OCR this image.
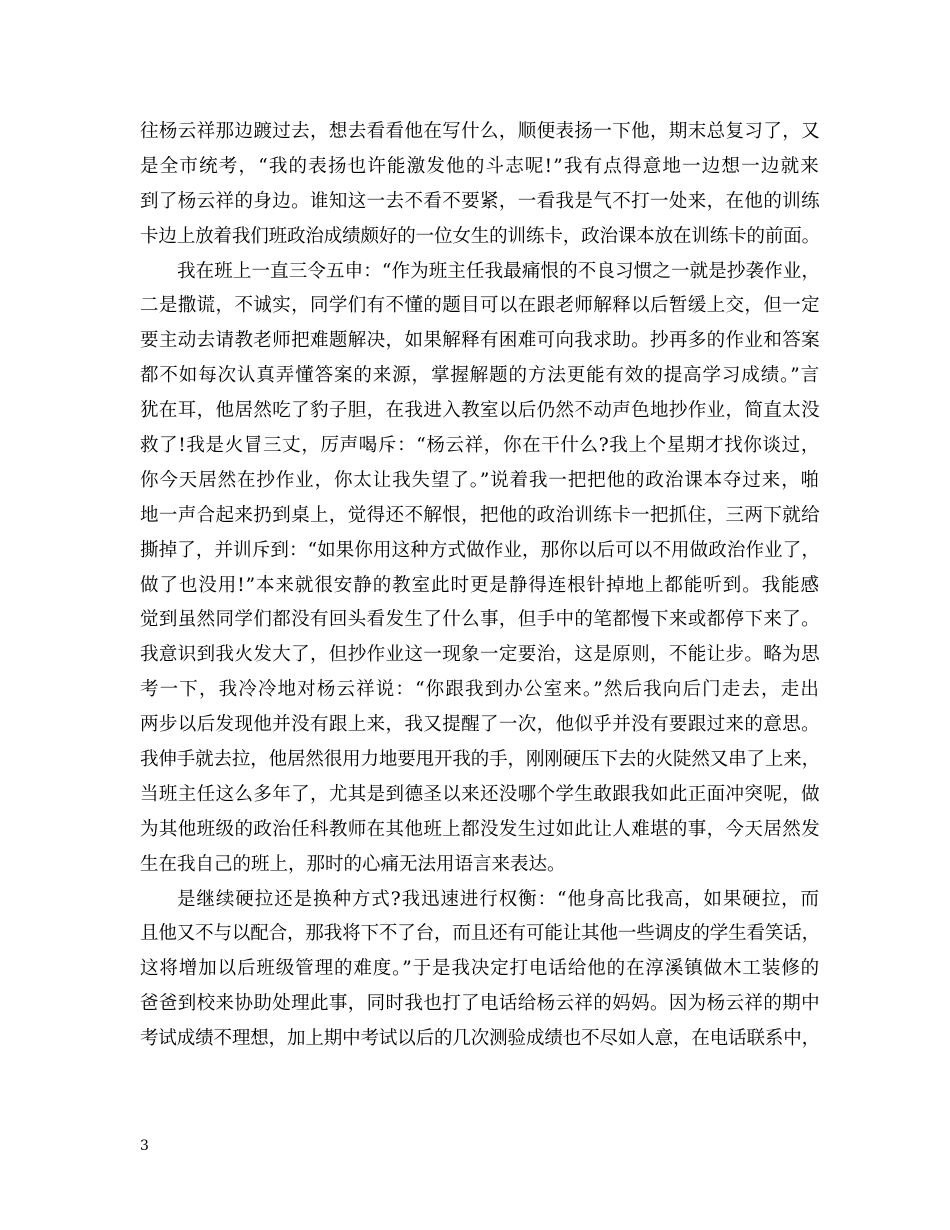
往杨云祥那边踱过去，想去看看他在写什么，顺便表扬一下他，期末总复习了，又
是全市统考，“我的表扬也许能激发他的斗志呢!”我有点得意地一边想一边就来
到了杨云祥的身边。谁知这一去不看不要紧，一看我是气不打一处来，在他的训练
卡边上放着我们班政治成绩颇好的一位女生的训练卡，政治课本放在训练卡的前面。
我在班上一直三令五申：“作为班主任我最痛恨的不良习惯之一就是抄袭作业，
二是撒谎，不诚实，同学们有不懂的题目可以在跟老师解释以后暂缓上交，但一定
要主动去请教老师把难题解决，如果解释有困难可向我求助。抄再多的作业和答案
都不如每次认真弄懂答案的来源，掌握解题的方法更能有效的提高学习成绩。”言
犹在耳，他居然吃了豹子胆，在我进入教室以后仍然不动声色地抄作业，简直太没
救了!我是火冒三丈，厉声喝斥：“杨云祥，你在干什么?我上个星期才找你谈过，
你今天居然在抄作业，你太让我失望了。”说着我一把把他的政治课本夺过来，啪
地一声合起来扔到桌上，觉得还不解恨，把他的政治训练卡一把抓住，三两下就给
撕掉了，并训斥到：“如果你用这种方式做作业，那你以后可以不用做政治作业了，
做了也没用!”本来就很安静的教室此时更是静得连根针掉地上都能听到。我能感
觉到虽然同学们都没有回头看发生了什么事，但手中的笔都慢下来或都停下来了。
我意识到我火发大了，但抄作业这一现象一定要治，这是原则，不能让步。略为思
考一下，我冷冷地对杨云祥说：“你跟我到办公室来。”然后我向后门走去，走出
两步以后发现他并没有跟上来，我又提醒了一次，他似乎并没有要跟过来的意思。
我伸手就去拉，他居然很用力地要甩开我的手，刚刚硬压下去的火陡然又串了上来，
当班主任这么多年了，尤其是到德圣以来还没哪个学生敢跟我如此正面冲突呢，做
为其他班级的政治任科教师在其他班上都没发生过如此让人难堪的事，今天居然发
生在我自己的班上，那时的心痛无法用语言来表达。
是继续硬拉还是换种方式?我迅速进行权衡：“他身高比我高，如果硬拉，而
且他又不与以配合，那我将下不了台，而且还有可能让其他一些调皮的学生看笑话，
这将增加以后班级管理的难度。”于是我决定打电话给他的在淳溪镇做木工装修的
爸爸到校来协助处理此事，同时我也打了电话给杨云祥的妈妈。因为杨云祥的期中
考试成绩不理想，加上期中考试以后的几次测验成绩也不尽如人意，在电话联系中，
3
